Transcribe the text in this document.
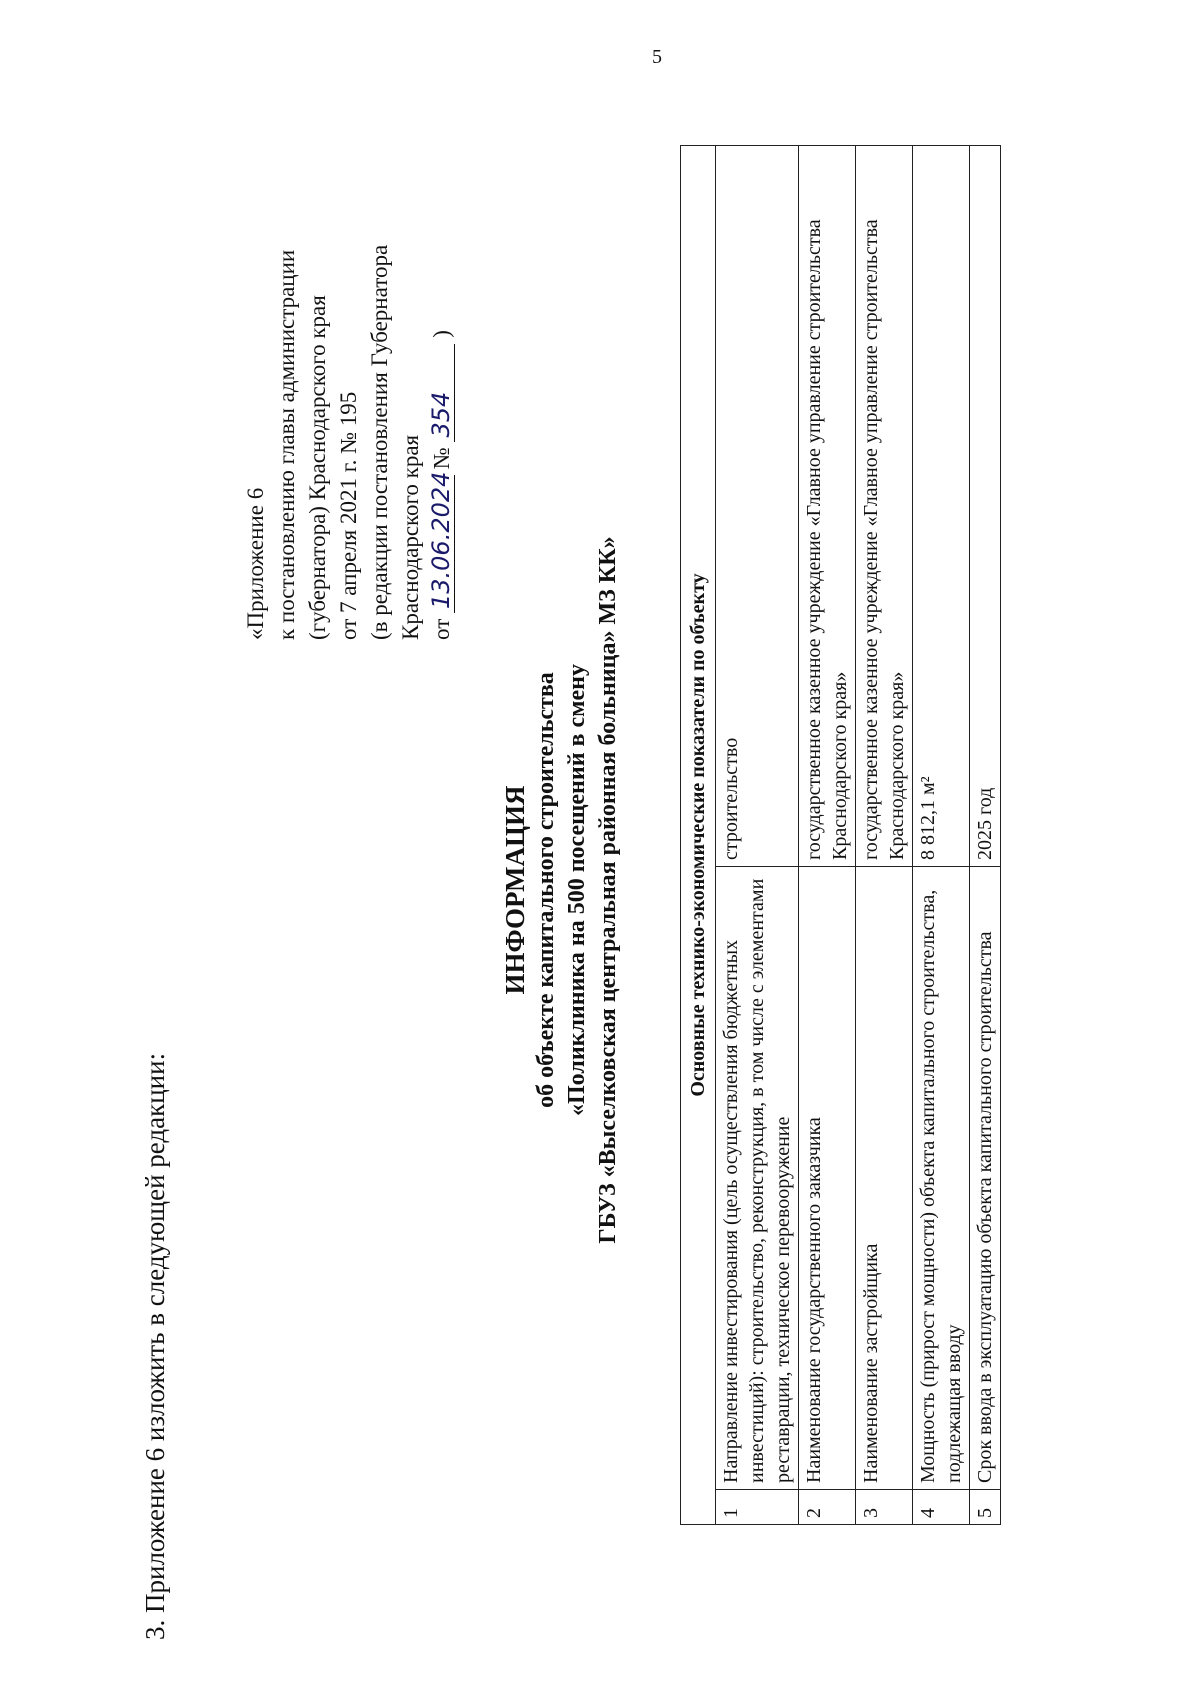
5
3. Приложение 6 изложить в следующей редакции:
«Приложение 6 к постановлению главы администрации (губернатора) Краснодарского края от 7 апреля 2021 г. № 195 (в редакции постановления Губернатора Краснодарского края от 13.06.2024 № 354 )
ИНФОРМАЦИЯ об объекте капитального строительства «Поликлиника на 500 посещений в смену ГБУЗ «Выселковская центральная районная больница» МЗ КК»	Основные технико-экономические показатели по объекту		
1	Направление инвестирования (цель осуществления бюджетных инвестиций): строительство, реконструкция, в том числе с элементами реставрации, техническое перевооружение	строительство
2	Наименование государственного заказчика	государственное казенное учреждение «Главное управление строительства Краснодарского края»
3	Наименование застройщика	государственное казенное учреждение «Главное управление строительства Краснодарского края»
4	Мощность (прирост мощности) объекта капитального строительства, подлежащая вводу	8 812,1 м²
5	Срок ввода в эксплуатацию объекта капитального строительства	2025 год
